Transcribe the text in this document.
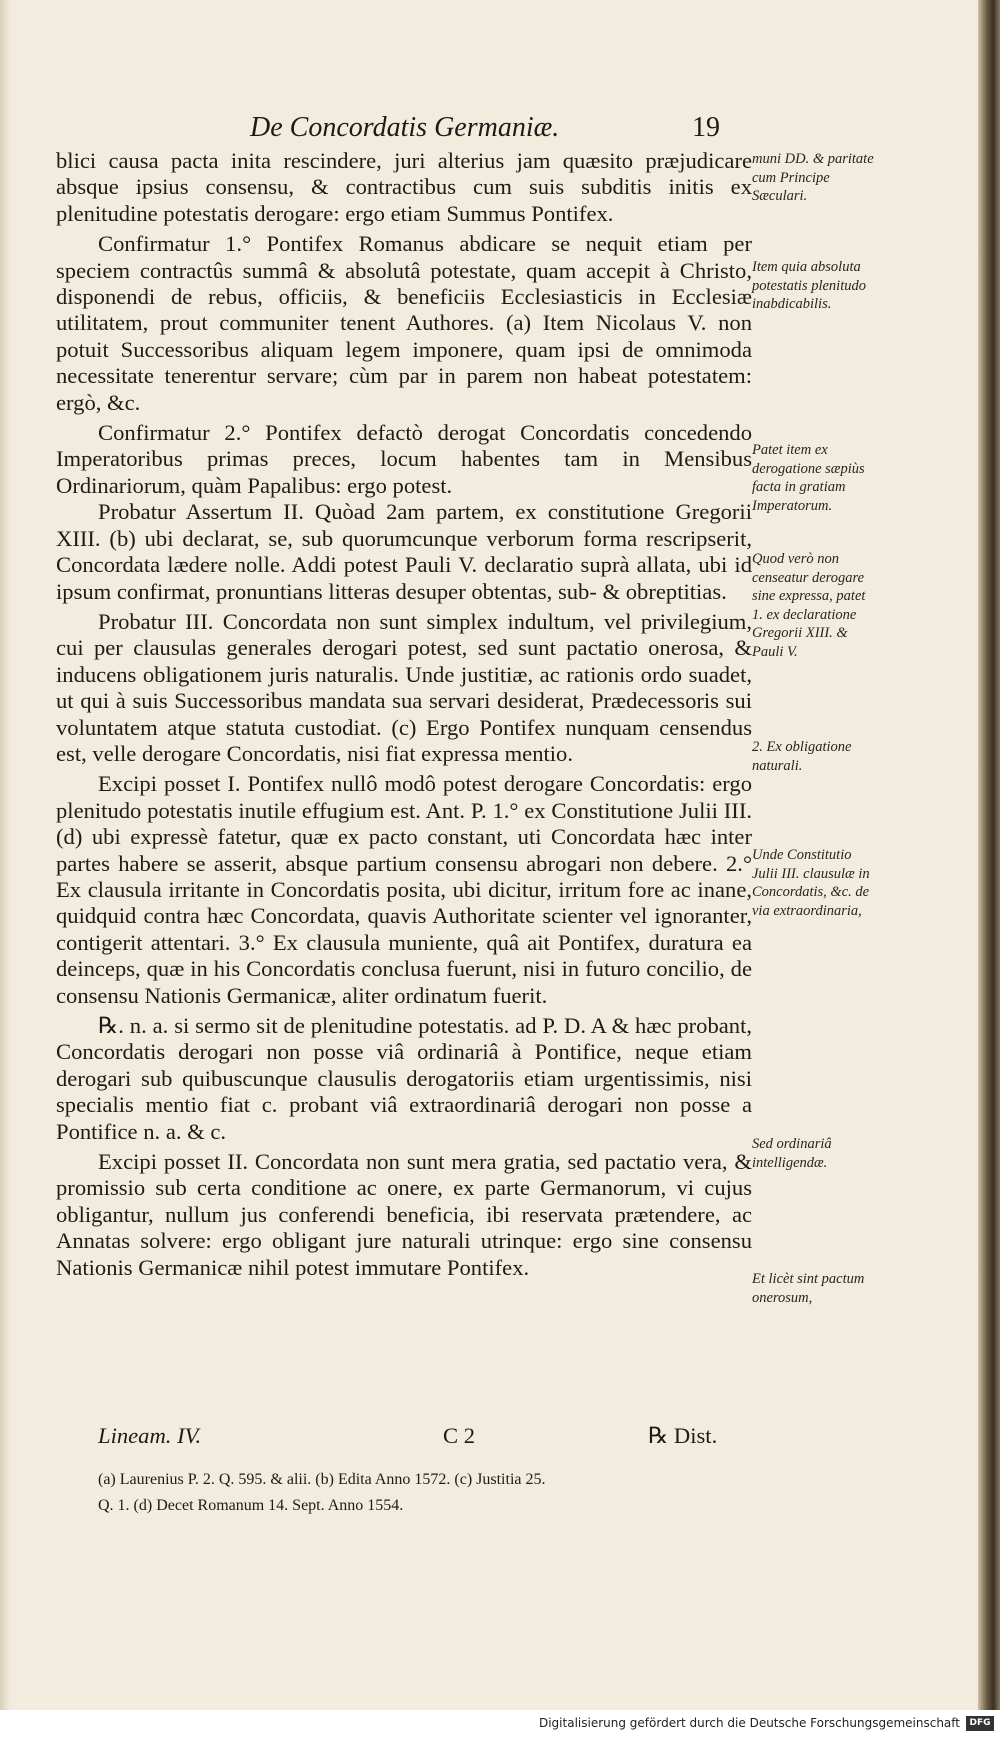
De Concordatis Germaniæ.	19

blici causa pacta inita rescindere, juri alterius jam quæsito præjudicare absque ipsius consensu, & contractibus cum suis subditis initis ex plenitudine potestatis derogare: ergo etiam Summus Pontifex.

Confirmatur 1.° Pontifex Romanus abdicare se nequit etiam per speciem contractûs summâ & absolutâ potestate, quam accepit à Christo, disponendi de rebus, officiis, & beneficiis Ecclesiasticis in Ecclesiæ utilitatem, prout communiter tenent Authores. (a) Item Nicolaus V. non potuit Successoribus aliquam legem imponere, quam ipsi de omnimoda necessitate tenerentur servare; cùm par in parem non habeat potestatem: ergò, &c.

Confirmatur 2.° Pontifex defactò derogat Concordatis concedendo Imperatoribus primas preces, locum habentes tam in Mensibus Ordinariorum, quàm Papalibus: ergo potest.

Probatur Assertum II. Quòad 2am partem, ex constitutione Gregorii XIII. (b) ubi declarat, se, sub quorumcunque verborum forma rescripserit, Concordata lædere nolle. Addi potest Pauli V. declaratio suprà allata, ubi id ipsum confirmat, pronuntians litteras desuper obtentas, sub- & obreptitias.

Probatur III. Concordata non sunt simplex indultum, vel privilegium, cui per clausulas generales derogari potest, sed sunt pactatio onerosa, & inducens obligationem juris naturalis. Unde justitiæ, ac rationis ordo suadet, ut qui à suis Successoribus mandata sua servari desiderat, Prædecessoris sui voluntatem atque statuta custodiat. (c) Ergo Pontifex nunquam censendus est, velle derogare Concordatis, nisi fiat expressa mentio.

Excipi posset I. Pontifex nullô modô potest derogare Concordatis: ergo plenitudo potestatis inutile effugium est. Ant. P. 1.° ex Constitutione Julii III. (d) ubi expressè fatetur, quæ ex pacto constant, uti Concordata hæc inter partes habere se asserit, absque partium consensu abrogari non debere. 2.° Ex clausula irritante in Concordatis posita, ubi dicitur, irritum fore ac inane, quidquid contra hæc Concordata, quavis Authoritate scienter vel ignoranter, contigerit attentari. 3.° Ex clausula muniente, quâ ait Pontifex, duratura ea deinceps, quæ in his Concordatis conclusa fuerunt, nisi in futuro concilio, de consensu Nationis Germanicæ, aliter ordinatum fuerit.

℞. n. a. si sermo sit de plenitudine potestatis. ad P. D. A & hæc probant, Concordatis derogari non posse viâ ordinariâ à Pontifice, neque etiam derogari sub quibuscunque clausulis derogatoriis etiam urgentissimis, nisi specialis mentio fiat c. probant viâ extraordinariâ derogari non posse a Pontifice n. a. & c.

Excipi posset II. Concordata non sunt mera gratia, sed pactatio vera, & promissio sub certa conditione ac onere, ex parte Germanorum, vi cujus obligantur, nullum jus conferendi beneficia, ibi reservata prætendere, ac Annatas solvere: ergo obligant jure naturali utrinque: ergo sine consensu Nationis Germanicæ nihil potest immutare Pontifex.

muni DD. & paritate cum Principe Sæculari.
Item quia absoluta potestatis plenitudo inabdicabilis.
Patet item ex derogatione sæpiùs facta in gratiam Imperatorum.
Quod verò non censeatur derogare sine expressa, patet 1. ex declaratione Gregorii XIII. & Pauli V.
2. Ex obligatione naturali.
Unde Constitutio Julii III. clausulæ in Concordatis, &c. de via extraordinaria,
Sed ordinariâ intelligendæ.
Et licèt sint pactum onerosum,
Lineam. IV.	C 2	℞ Dist.
(a) Laurenius P. 2. Q. 595. & alii. (b) Edita Anno 1572. (c) Justitia 25.
Q. 1. (d) Decet Romanum 14. Sept. Anno 1554.
Digitalisierung gefördert durch die Deutsche Forschungsgemeinschaft	DFG
